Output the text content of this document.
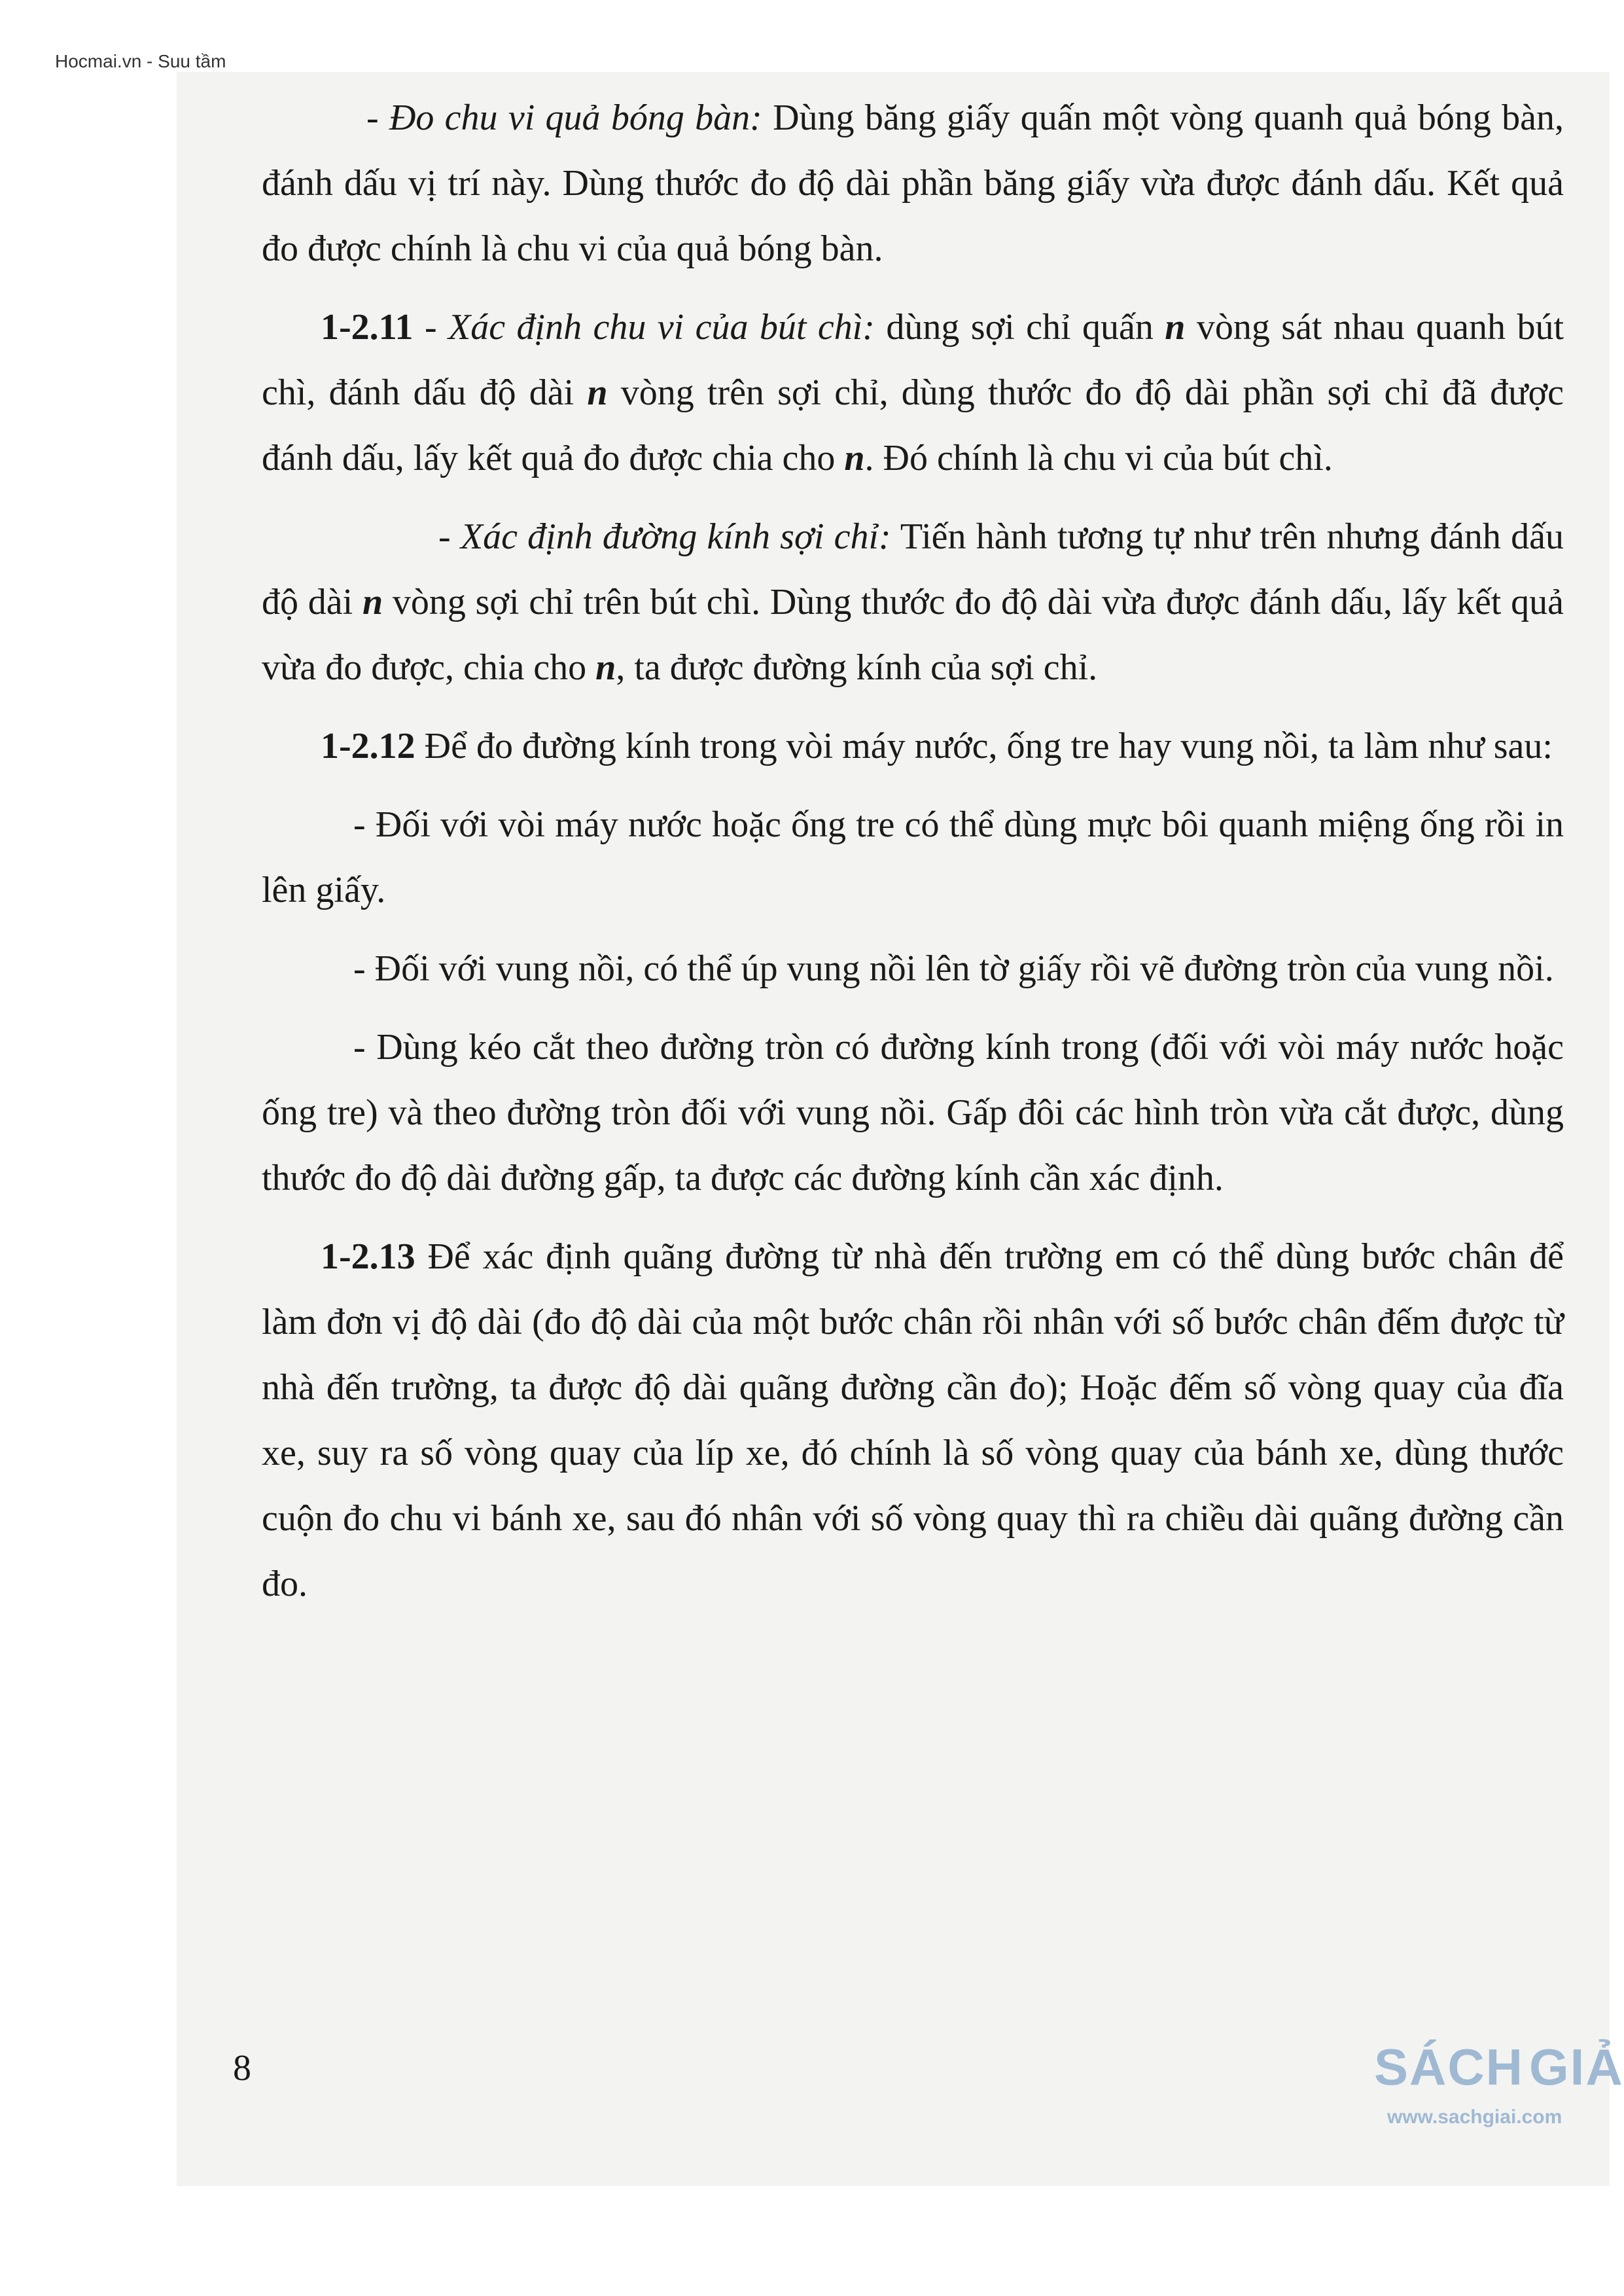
Hocmai.vn - Suu tầm

- Đo chu vi quả bóng bàn: Dùng băng giấy quấn một vòng quanh quả bóng bàn, đánh dấu vị trí này. Dùng thước đo độ dài phần băng giấy vừa được đánh dấu. Kết quả đo được chính là chu vi của quả bóng bàn.

1-2.11 - Xác định chu vi của bút chì: dùng sợi chỉ quấn n vòng sát nhau quanh bút chì, đánh dấu độ dài n vòng trên sợi chỉ, dùng thước đo độ dài phần sợi chỉ đã được đánh dấu, lấy kết quả đo được chia cho n. Đó chính là chu vi của bút chì.

- Xác định đường kính sợi chỉ: Tiến hành tương tự như trên nhưng đánh dấu độ dài n vòng sợi chỉ trên bút chì. Dùng thước đo độ dài vừa được đánh dấu, lấy kết quả vừa đo được, chia cho n, ta được đường kính của sợi chỉ.

1-2.12 Để đo đường kính trong vòi máy nước, ống tre hay vung nồi, ta làm như sau:

- Đối với vòi máy nước hoặc ống tre có thể dùng mực bôi quanh miệng ống rồi in lên giấy.

- Đối với vung nồi, có thể úp vung nồi lên tờ giấy rồi vẽ đường tròn của vung nồi.

- Dùng kéo cắt theo đường tròn có đường kính trong (đối với vòi máy nước hoặc ống tre) và theo đường tròn đối với vung nồi. Gấp đôi các hình tròn vừa cắt được, dùng thước đo độ dài đường gấp, ta được các đường kính cần xác định.

1-2.13 Để xác định quãng đường từ nhà đến trường em có thể dùng bước chân để làm đơn vị độ dài (đo độ dài của một bước chân rồi nhân với số bước chân đếm được từ nhà đến trường, ta được độ dài quãng đường cần đo); Hoặc đếm số vòng quay của đĩa xe, suy ra số vòng quay của líp xe, đó chính là số vòng quay của bánh xe, dùng thước cuộn đo chu vi bánh xe, sau đó nhân với số vòng quay thì ra chiều dài quãng đường cần đo.

8	SÁCH GIẢ
www.sachgiai.com
